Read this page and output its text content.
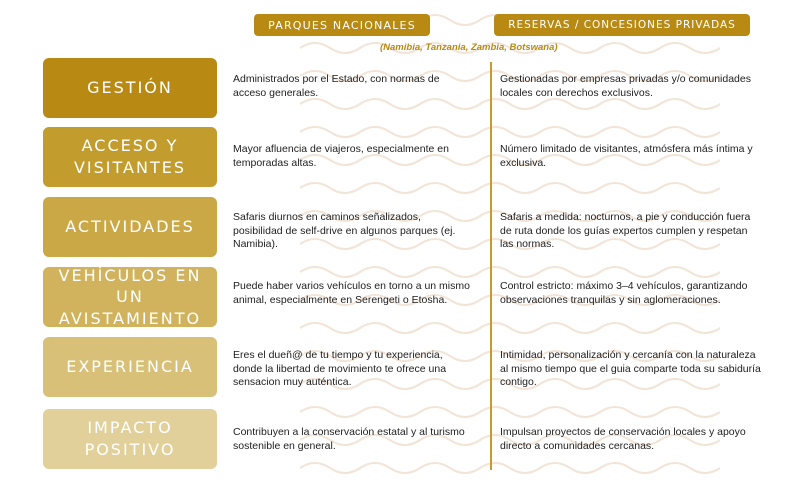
PARQUES NACIONALES	RESERVAS / CONCESIONES PRIVADAS
(Namibia, Tanzania, Zambia, Botswana)
GESTIÓN	Administrados por el Estado, con normas de acceso generales.
Gestionadas por empresas privadas y/o comunidades locales con derechos exclusivos.
ACCESO Y VISITANTES
Mayor afluencia de viajeros, especialmente en temporadas altas.
Número limitado de visitantes, atmósfera más íntima y exclusiva.
ACTIVIDADES
Safaris diurnos en caminos señalizados, posibilidad de self-drive en algunos parques (ej. Namibia).
Safaris a medida: nocturnos, a pie y conducción fuera de ruta donde los guías expertos cumplen y respetan las normas.
VEHÍCULOS EN UN AVISTAMIENTO
Puede haber varios vehículos en torno a un mismo animal, especialmente en Serengeti o Etosha.
Control estricto: máximo 3–4 vehículos, garantizando observaciones tranquilas y sin aglomeraciones.
EXPERIENCIA
Eres el dueñ@ de tu tiempo y tu experiencia, donde la libertad de movimiento te ofrece una sensacion muy auténtica.
Intimidad, personalización y cercanía con la naturaleza al mismo tiempo que el guia comparte toda su sabiduría contigo.
IMPACTO POSITIVO
Contribuyen a la conservación estatal y al turismo sostenible en general.
Impulsan proyectos de conservación locales y apoyo directo a comunidades cercanas.
